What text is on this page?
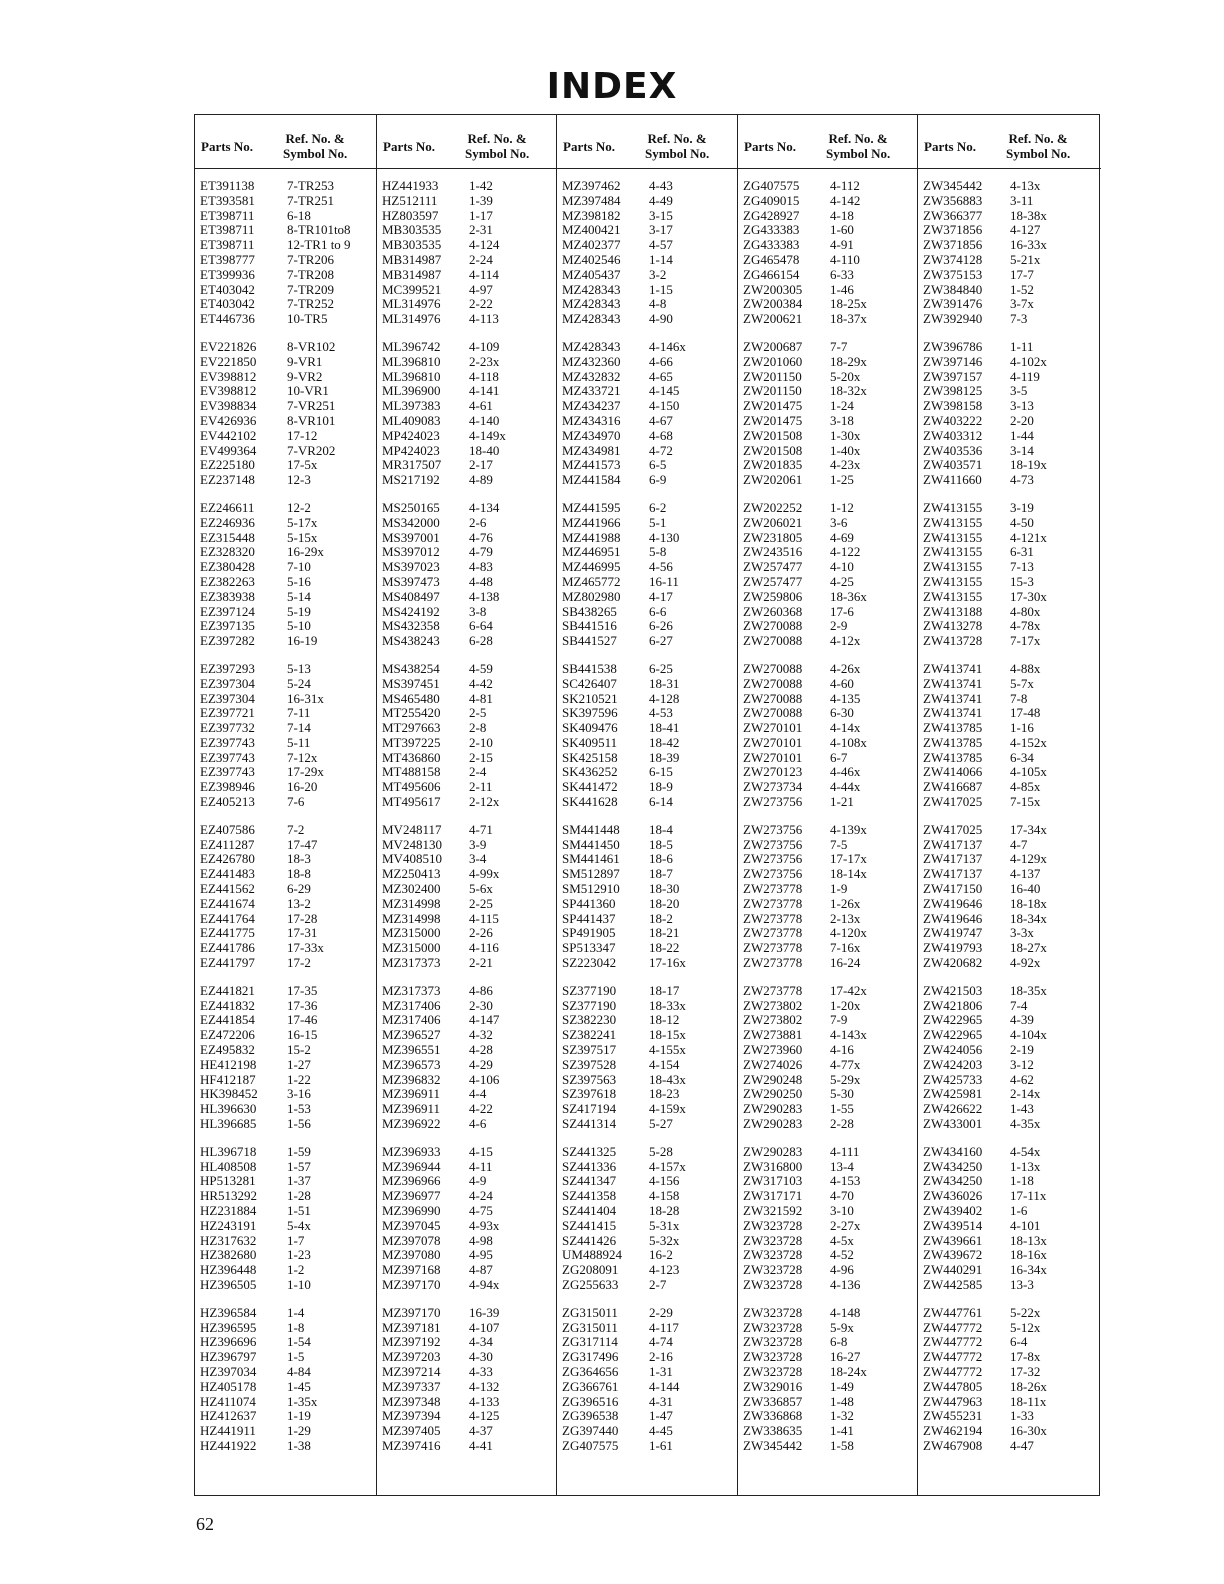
INDEX
Parts No.
Ref. No. &
Symbol No.
ET391138	7-TR253
ET393581 7-TR251
ET398711	6-18
ET398711	8-TR101to8
ET398711	12-TR1 to 9
ET398777 7-TR206
ET399936 7-TR208
ET403042 7-TR209
ET403042 7-TR252
ET446736 10-TR5
EV221826 8-VR102
EV221850 9-VR1
EV398812 9-VR2
EV398812 10-VR1
EV398834 7-VR251
EV426936 8-VR101
EV442102 17-12
EV499364 7-VR202
EZ225180 17-5x
EZ237148 12-3
EZ246611	12-2
EZ246936 5-17x
EZ315448 5-15x
EZ328320 16-29x
EZ380428 7-10
EZ382263 5-16
EZ383938 5-14
EZ397124 5-19
EZ397135 5-10
EZ397282 16-19
EZ397293 5-13
EZ397304 5-24
EZ397304 16-31x
EZ397721 7-11
EZ397732 7-14
EZ397743 5-11
EZ397743 7-12x
EZ397743 17-29x
EZ398946 16-20
EZ405213 7-6
EZ407586 7-2
EZ411287	17-47
EZ426780 18-3
EZ441483 18-8
EZ441562 6-29
EZ441674 13-2
EZ441764 17-28
EZ441775 17-31
EZ441786 17-33x
EZ441797 17-2
EZ441821 17-35
EZ441832 17-36
EZ441854 17-46
EZ472206 16-15
EZ495832 15-2
HE412198 1-27
HF412187 1-22
HK398452 3-16
HL396630 1-53
HL396685 1-56
HL396718 1-59
HL408508 1-57
HP513281 1-37
HR513292 1-28
HZ231884 1-51
HZ243191 5-4x
HZ317632 1-7
HZ382680 1-23
HZ396448 1-2
HZ396505 1-10
HZ396584 1-4
HZ396595 1-8
HZ396696 1-54
HZ396797 1-5
HZ397034 4-84
HZ405178 1-45
HZ411074 1-35x
HZ412637 1-19
HZ441911 1-29
HZ441922 1-38
Parts No.
Ref. No. &
Symbol No.
HZ441933 1-42
HZ512111 1-39
HZ803597 1-17
MB303535 2-31
MB303535 4-124
MB314987 2-24
MB314987 4-114
MC399521 4-97
ML314976 2-22
ML314976 4-113
ML396742 4-109
ML396810 2-23x
ML396810 4-118
ML396900 4-141
ML397383 4-61
ML409083 4-140
MP424023 4-149x
MP424023 18-40
MR317507 2-17
MS217192 4-89
MS250165 4-134
MS342000 2-6
MS397001 4-76
MS397012 4-79
MS397023 4-83
MS397473 4-48
MS408497 4-138
MS424192 3-8
MS432358 6-64
MS438243 6-28
MS438254 4-59
MS397451 4-42
MS465480 4-81
MT255420 2-5
MT297663 2-8
MT397225 2-10
MT436860 2-15
MT488158 2-4
MT495606 2-11
MT495617 2-12x
MV248117 4-71
MV248130 3-9
MV408510 3-4
MZ250413 4-99x
MZ302400 5-6x
MZ314998 2-25
MZ314998 4-115
MZ315000 2-26
MZ315000 4-116
MZ317373 2-21
MZ317373 4-86
MZ317406 2-30
MZ317406 4-147
MZ396527 4-32
MZ396551 4-28
MZ396573 4-29
MZ396832 4-106
MZ396911 4-4
MZ396911 4-22
MZ396922 4-6
MZ396933 4-15
MZ396944 4-11
MZ396966 4-9
MZ396977 4-24
MZ396990 4-75
MZ397045 4-93x
MZ397078 4-98
MZ397080 4-95
MZ397168 4-87
MZ397170 4-94x
MZ397170 16-39
MZ397181 4-107
MZ397192 4-34
MZ397203 4-30
MZ397214 4-33
MZ397337 4-132
MZ397348 4-133
MZ397394 4-125
MZ397405 4-37
MZ397416 4-41
Parts No.
Ref. No. &
Symbol No.
MZ397462 4-43
MZ397484 4-49
MZ398182 3-15
MZ400421 3-17
MZ402377 4-57
MZ402546 1-14
MZ405437 3-2
MZ428343 1-15
MZ428343 4-8
MZ428343 4-90
MZ428343 4-146x
MZ432360 4-66
MZ432832 4-65
MZ433721 4-145
MZ434237 4-150
MZ434316 4-67
MZ434970 4-68
MZ434981 4-72
MZ441573 6-5
MZ441584 6-9
MZ441595 6-2
MZ441966 5-1
MZ441988 4-130
MZ446951 5-8
MZ446995 4-56
MZ465772 16-11
MZ802980 4-17
SB438265 6-6
SB441516 6-26
SB441527 6-27
SB441538 6-25
SC426407 18-31
SK210521 4-128
SK397596 4-53
SK409476 18-41
SK409511 18-42
SK425158 18-39
SK436252 6-15
SK441472 18-9
SK441628 6-14
SM441448 18-4
SM441450 18-5
SM441461 18-6
SM512897 18-7
SM512910 18-30
SP441360	18-20
SP441437	18-2
SP491905	18-21
SP513347	18-22
SZ223042	17-16x
SZ377190	18-17
SZ377190	18-33x
SZ382230	18-12
SZ382241	18-15x
SZ397517	4-155x
SZ397528	4-154
SZ397563	18-43x
SZ397618	18-23
SZ417194	4-159x
SZ441314	5-27
SZ441325	5-28
SZ441336	4-157x
SZ441347	4-156
SZ441358	4-158
SZ441404	18-28
SZ441415	5-31x
SZ441426	5-32x
UM488924 16-2
ZG208091 4-123
ZG255633 2-7
ZG315011 2-29
ZG315011 4-117
ZG317114 4-74
ZG317496 2-16
ZG364656 1-31
ZG366761 4-144
ZG396516 4-31
ZG396538 1-47
ZG397440 4-45
ZG407575 1-61
Parts No.
Ref. No. &
Symbol No.
ZG407575 4-112
ZG409015 4-142
ZG428927 4-18
ZG433383 1-60
ZG433383 4-91
ZG465478 4-110
ZG466154 6-33
ZW200305 1-46
ZW200384 18-25x
ZW200621 18-37x
ZW200687 7-7
ZW201060 18-29x
ZW201150 5-20x
ZW201150 18-32x
ZW201475 1-24
ZW201475 3-18
ZW201508 1-30x
ZW201508 1-40x
ZW201835 4-23x
ZW202061 1-25
ZW202252 1-12
ZW206021 3-6
ZW231805 4-69
ZW243516 4-122
ZW257477 4-10
ZW257477 4-25
ZW259806 18-36x
ZW260368 17-6
ZW270088 2-9
ZW270088 4-12x
ZW270088 4-26x
ZW270088 4-60
ZW270088 4-135
ZW270088 6-30
ZW270101 4-14x
ZW270101 4-108x
ZW270101 6-7
ZW270123 4-46x
ZW273734 4-44x
ZW273756 1-21
ZW273756 4-139x
ZW273756 7-5
ZW273756 17-17x
ZW273756 18-14x
ZW273778 1-9
ZW273778 1-26x
ZW273778 2-13x
ZW273778 4-120x
ZW273778 7-16x
ZW273778 16-24
ZW273778 17-42x
ZW273802 1-20x
ZW273802 7-9
ZW273881 4-143x
ZW273960 4-16
ZW274026 4-77x
ZW290248 5-29x
ZW290250 5-30
ZW290283 1-55
ZW290283 2-28
ZW290283 4-111
ZW316800 13-4
ZW317103 4-153
ZW317171 4-70
ZW321592 3-10
ZW323728 2-27x
ZW323728 4-5x
ZW323728 4-52
ZW323728 4-96
ZW323728 4-136
ZW323728 4-148
ZW323728 5-9x
ZW323728 6-8
ZW323728 16-27
ZW323728 18-24x
ZW329016 1-49
ZW336857 1-48
ZW336868 1-32
ZW338635 1-41
ZW345442 1-58
Parts No.
Ref. No. &
Symbol No.
ZW345442 4-13x
ZW356883 3-11
ZW366377 18-38x
ZW371856 4-127
ZW371856 16-33x
ZW374128 5-21x
ZW375153 17-7
ZW384840 1-52
ZW391476 3-7x
ZW392940 7-3
ZW396786 1-11
ZW397146 4-102x
ZW397157 4-119
ZW398125 3-5
ZW398158 3-13
ZW403222 2-20
ZW403312 1-44
ZW403536 3-14
ZW403571 18-19x
ZW411660 4-73
ZW413155 3-19
ZW413155 4-50
ZW413155 4-121x
ZW413155 6-31
ZW413155 7-13
ZW413155 15-3
ZW413155 17-30x
ZW413188 4-80x
ZW413278 4-78x
ZW413728 7-17x
ZW413741 4-88x
ZW413741 5-7x
ZW413741 7-8
ZW413741 17-48
ZW413785 1-16
ZW413785 4-152x
ZW413785 6-34
ZW414066 4-105x
ZW416687 4-85x
ZW417025 7-15x
ZW417025 17-34x
ZW417137 4-7
ZW417137 4-129x
ZW417137 4-137
ZW417150 16-40
ZW419646 18-18x
ZW419646 18-34x
ZW419747 3-3x
ZW419793 18-27x
ZW420682 4-92x
ZW421503 18-35x
ZW421806 7-4
ZW422965 4-39
ZW422965 4-104x
ZW424056 2-19
ZW424203 3-12
ZW425733 4-62
ZW425981 2-14x
ZW426622 1-43
ZW433001 4-35x
ZW434160 4-54x
ZW434250 1-13x
ZW434250 1-18
ZW436026 17-11x
ZW439402 1-6
ZW439514 4-101
ZW439661 18-13x
ZW439672 18-16x
ZW440291 16-34x
ZW442585 13-3
ZW447761 5-22x
ZW447772 5-12x
ZW447772 6-4
ZW447772 17-8x
ZW447772 17-32
ZW447805 18-26x
ZW447963 18-11x
ZW455231 1-33
ZW462194 16-30x
ZW467908 4-47
62
